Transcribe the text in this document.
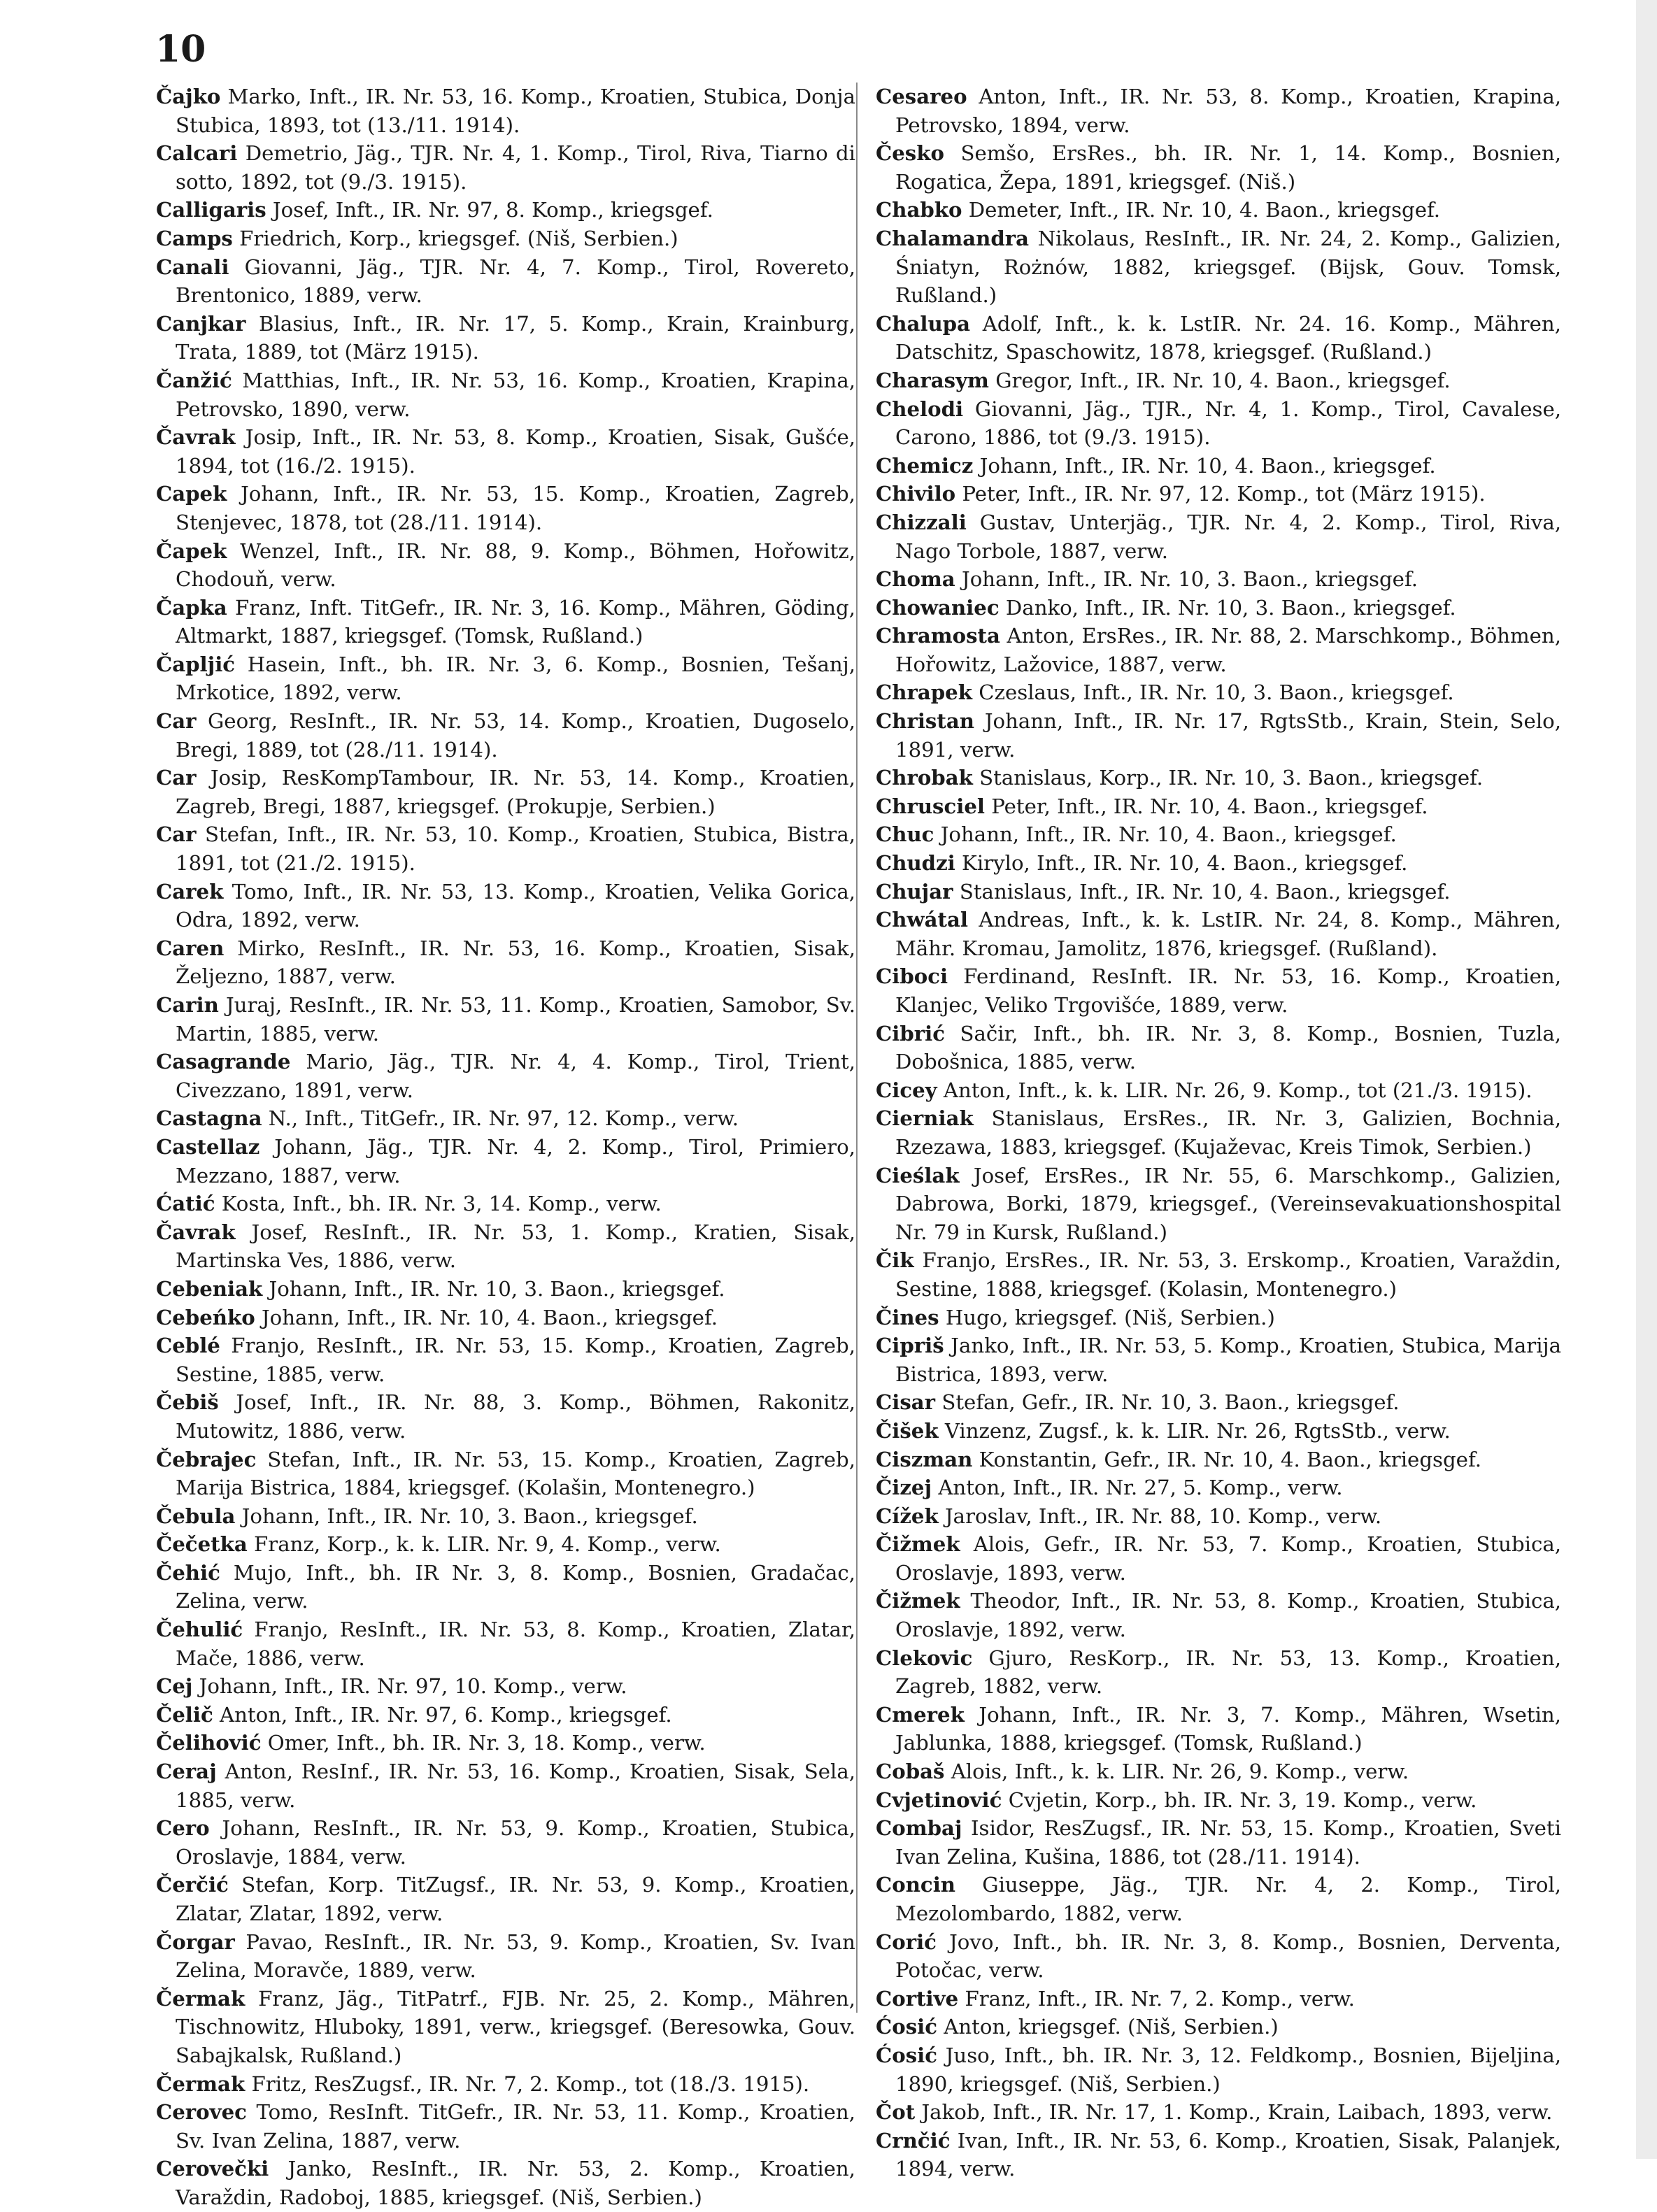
10
Čajko Marko, Inft., IR. Nr. 53, 16. Komp., Kroatien, Stubica, Donja Stubica, 1893, tot (13./11. 1914).
Calcari Demetrio, Jäg., TJR. Nr. 4, 1. Komp., Tirol, Riva, Tiarno di sotto, 1892, tot (9./3. 1915).
Calligaris Josef, Inft., IR. Nr. 97, 8. Komp., kriegsgef.
Camps Friedrich, Korp., kriegsgef. (Niš, Serbien.)
Canali Giovanni, Jäg., TJR. Nr. 4, 7. Komp., Tirol, Rovereto, Brentonico, 1889, verw.
Canjkar Blasius, Inft., IR. Nr. 17, 5. Komp., Krain, Krainburg, Trata, 1889, tot (März 1915).
Čanžić Matthias, Inft., IR. Nr. 53, 16. Komp., Kroatien, Krapina, Petrovsko, 1890, verw.
Čavrak Josip, Inft., IR. Nr. 53, 8. Komp., Kroatien, Sisak, Gušće, 1894, tot (16./2. 1915).
Capek Johann, Inft., IR. Nr. 53, 15. Komp., Kroatien, Zagreb, Stenjevec, 1878, tot (28./11. 1914).
Čapek Wenzel, Inft., IR. Nr. 88, 9. Komp., Böhmen, Hořowitz, Chodouň, verw.
Čapka Franz, Inft. TitGefr., IR. Nr. 3, 16. Komp., Mähren, Göding, Altmarkt, 1887, kriegsgef. (Tomsk, Rußland.)
Čapljić Hasein, Inft., bh. IR. Nr. 3, 6. Komp., Bosnien, Tešanj, Mrkotice, 1892, verw.
Car Georg, ResInft., IR. Nr. 53, 14. Komp., Kroatien, Dugoselo, Bregi, 1889, tot (28./11. 1914).
Car Josip, ResKompTambour, IR. Nr. 53, 14. Komp., Kroatien, Zagreb, Bregi, 1887, kriegsgef. (Prokupje, Serbien.)
Car Stefan, Inft., IR. Nr. 53, 10. Komp., Kroatien, Stubica, Bistra, 1891, tot (21./2. 1915).
Carek Tomo, Inft., IR. Nr. 53, 13. Komp., Kroatien, Velika Gorica, Odra, 1892, verw.
Caren Mirko, ResInft., IR. Nr. 53, 16. Komp., Kroatien, Sisak, Željezno, 1887, verw.
Carin Juraj, ResInft., IR. Nr. 53, 11. Komp., Kroatien, Samobor, Sv. Martin, 1885, verw.
Casagrande Mario, Jäg., TJR. Nr. 4, 4. Komp., Tirol, Trient, Civezzano, 1891, verw.
Castagna N., Inft., TitGefr., IR. Nr. 97, 12. Komp., verw.
Castellaz Johann, Jäg., TJR. Nr. 4, 2. Komp., Tirol, Primiero, Mezzano, 1887, verw.
Ćatić Kosta, Inft., bh. IR. Nr. 3, 14. Komp., verw.
Čavrak Josef, ResInft., IR. Nr. 53, 1. Komp., Kratien, Sisak, Martinska Ves, 1886, verw.
Cebeniak Johann, Inft., IR. Nr. 10, 3. Baon., kriegsgef.
Cebeńko Johann, Inft., IR. Nr. 10, 4. Baon., kriegsgef.
Ceblé Franjo, ResInft., IR. Nr. 53, 15. Komp., Kroatien, Zagreb, Sestine, 1885, verw.
Čebiš Josef, Inft., IR. Nr. 88, 3. Komp., Böhmen, Rakonitz, Mutowitz, 1886, verw.
Čebrajec Stefan, Inft., IR. Nr. 53, 15. Komp., Kroatien, Zagreb, Marija Bistrica, 1884, kriegsgef. (Kolašin, Montenegro.)
Čebula Johann, Inft., IR. Nr. 10, 3. Baon., kriegsgef.
Čečetka Franz, Korp., k. k. LIR. Nr. 9, 4. Komp., verw.
Čehić Mujo, Inft., bh. IR Nr. 3, 8. Komp., Bosnien, Gradačac, Zelina, verw.
Čehulić Franjo, ResInft., IR. Nr. 53, 8. Komp., Kroatien, Zlatar, Mače, 1886, verw.
Cej Johann, Inft., IR. Nr. 97, 10. Komp., verw.
Čelič Anton, Inft., IR. Nr. 97, 6. Komp., kriegsgef.
Čelihović Omer, Inft., bh. IR. Nr. 3, 18. Komp., verw.
Ceraj Anton, ResInf., IR. Nr. 53, 16. Komp., Kroatien, Sisak, Sela, 1885, verw.
Cero Johann, ResInft., IR. Nr. 53, 9. Komp., Kroatien, Stubica, Oroslavje, 1884, verw.
Čerčić Stefan, Korp. TitZugsf., IR. Nr. 53, 9. Komp., Kroatien, Zlatar, Zlatar, 1892, verw.
Čorgar Pavao, ResInft., IR. Nr. 53, 9. Komp., Kroatien, Sv. Ivan Zelina, Moravče, 1889, verw.
Čermak Franz, Jäg., TitPatrf., FJB. Nr. 25, 2. Komp., Mähren, Tischnowitz, Hluboky, 1891, verw., kriegsgef. (Beresowka, Gouv. Sabajkalsk, Rußland.)
Čermak Fritz, ResZugsf., IR. Nr. 7, 2. Komp., tot (18./3. 1915).
Cerovec Tomo, ResInft. TitGefr., IR. Nr. 53, 11. Komp., Kroatien, Sv. Ivan Zelina, 1887, verw.
Cerovečki Janko, ResInft., IR. Nr. 53, 2. Komp., Kroatien, Varaždin, Radoboj, 1885, kriegsgef. (Niš, Serbien.)
Cesareo Anton, Inft., IR. Nr. 53, 8. Komp., Kroatien, Krapina, Petrovsko, 1894, verw.
Česko Semšo, ErsRes., bh. IR. Nr. 1, 14. Komp., Bosnien, Rogatica, Žepa, 1891, kriegsgef. (Niš.)
Chabko Demeter, Inft., IR. Nr. 10, 4. Baon., kriegsgef.
Chalamandra Nikolaus, ResInft., IR. Nr. 24, 2. Komp., Galizien, Śniatyn, Rożnów, 1882, kriegsgef. (Bijsk, Gouv. Tomsk, Rußland.)
Chalupa Adolf, Inft., k. k. LstIR. Nr. 24. 16. Komp., Mähren, Datschitz, Spaschowitz, 1878, kriegsgef. (Rußland.)
Charasym Gregor, Inft., IR. Nr. 10, 4. Baon., kriegsgef.
Chelodi Giovanni, Jäg., TJR., Nr. 4, 1. Komp., Tirol, Cavalese, Carono, 1886, tot (9./3. 1915).
Chemicz Johann, Inft., IR. Nr. 10, 4. Baon., kriegsgef.
Chivilo Peter, Inft., IR. Nr. 97, 12. Komp., tot (März 1915).
Chizzali Gustav, Unterjäg., TJR. Nr. 4, 2. Komp., Tirol, Riva, Nago Torbole, 1887, verw.
Choma Johann, Inft., IR. Nr. 10, 3. Baon., kriegsgef.
Chowaniec Danko, Inft., IR. Nr. 10, 3. Baon., kriegsgef.
Chramosta Anton, ErsRes., IR. Nr. 88, 2. Marschkomp., Böhmen, Hořowitz, Lažovice, 1887, verw.
Chrapek Czeslaus, Inft., IR. Nr. 10, 3. Baon., kriegsgef.
Christan Johann, Inft., IR. Nr. 17, RgtsStb., Krain, Stein, Selo, 1891, verw.
Chrobak Stanislaus, Korp., IR. Nr. 10, 3. Baon., kriegsgef.
Chrusciel Peter, Inft., IR. Nr. 10, 4. Baon., kriegsgef.
Chuc Johann, Inft., IR. Nr. 10, 4. Baon., kriegsgef.
Chudzi Kirylo, Inft., IR. Nr. 10, 4. Baon., kriegsgef.
Chujar Stanislaus, Inft., IR. Nr. 10, 4. Baon., kriegsgef.
Chwátal Andreas, Inft., k. k. LstIR. Nr. 24, 8. Komp., Mähren, Mähr. Kromau, Jamolitz, 1876, kriegsgef. (Rußland).
Ciboci Ferdinand, ResInft. IR. Nr. 53, 16. Komp., Kroatien, Klanjec, Veliko Trgovišće, 1889, verw.
Cibrić Sačir, Inft., bh. IR. Nr. 3, 8. Komp., Bosnien, Tuzla, Dobošnica, 1885, verw.
Cicey Anton, Inft., k. k. LIR. Nr. 26, 9. Komp., tot (21./3. 1915).
Cierniak Stanislaus, ErsRes., IR. Nr. 3, Galizien, Bochnia, Rzezawa, 1883, kriegsgef. (Kujaževac, Kreis Timok, Serbien.)
Cieślak Josef, ErsRes., IR Nr. 55, 6. Marschkomp., Galizien, Dabrowa, Borki, 1879, kriegsgef., (Vereinsevakuationshospital Nr. 79 in Kursk, Rußland.)
Čik Franjo, ErsRes., IR. Nr. 53, 3. Erskomp., Kroatien, Varaždin, Sestine, 1888, kriegsgef. (Kolasin, Montenegro.)
Čines Hugo, kriegsgef. (Niš, Serbien.)
Cipriš Janko, Inft., IR. Nr. 53, 5. Komp., Kroatien, Stubica, Marija Bistrica, 1893, verw.
Cisar Stefan, Gefr., IR. Nr. 10, 3. Baon., kriegsgef.
Čišek Vinzenz, Zugsf., k. k. LIR. Nr. 26, RgtsStb., verw.
Ciszman Konstantin, Gefr., IR. Nr. 10, 4. Baon., kriegsgef.
Čizej Anton, Inft., IR. Nr. 27, 5. Komp., verw.
Cížek Jaroslav, Inft., IR. Nr. 88, 10. Komp., verw.
Čižmek Alois, Gefr., IR. Nr. 53, 7. Komp., Kroatien, Stubica, Oroslavje, 1893, verw.
Čižmek Theodor, Inft., IR. Nr. 53, 8. Komp., Kroatien, Stubica, Oroslavje, 1892, verw.
Clekovic Gjuro, ResKorp., IR. Nr. 53, 13. Komp., Kroatien, Zagreb, 1882, verw.
Cmerek Johann, Inft., IR. Nr. 3, 7. Komp., Mähren, Wsetin, Jablunka, 1888, kriegsgef. (Tomsk, Rußland.)
Cobaš Alois, Inft., k. k. LIR. Nr. 26, 9. Komp., verw.
Cvjetinović Cvjetin, Korp., bh. IR. Nr. 3, 19. Komp., verw.
Combaj Isidor, ResZugsf., IR. Nr. 53, 15. Komp., Kroatien, Sveti Ivan Zelina, Kušina, 1886, tot (28./11. 1914).
Concin Giuseppe, Jäg., TJR. Nr. 4, 2. Komp., Tirol, Mezolombardo, 1882, verw.
Corić Jovo, Inft., bh. IR. Nr. 3, 8. Komp., Bosnien, Derventa, Potočac, verw.
Cortive Franz, Inft., IR. Nr. 7, 2. Komp., verw.
Ćosić Anton, kriegsgef. (Niš, Serbien.)
Ćosić Juso, Inft., bh. IR. Nr. 3, 12. Feldkomp., Bosnien, Bijeljina, 1890, kriegsgef. (Niš, Serbien.)
Čot Jakob, Inft., IR. Nr. 17, 1. Komp., Krain, Laibach, 1893, verw.
Crnčić Ivan, Inft., IR. Nr. 53, 6. Komp., Kroatien, Sisak, Palanjek, 1894, verw.
